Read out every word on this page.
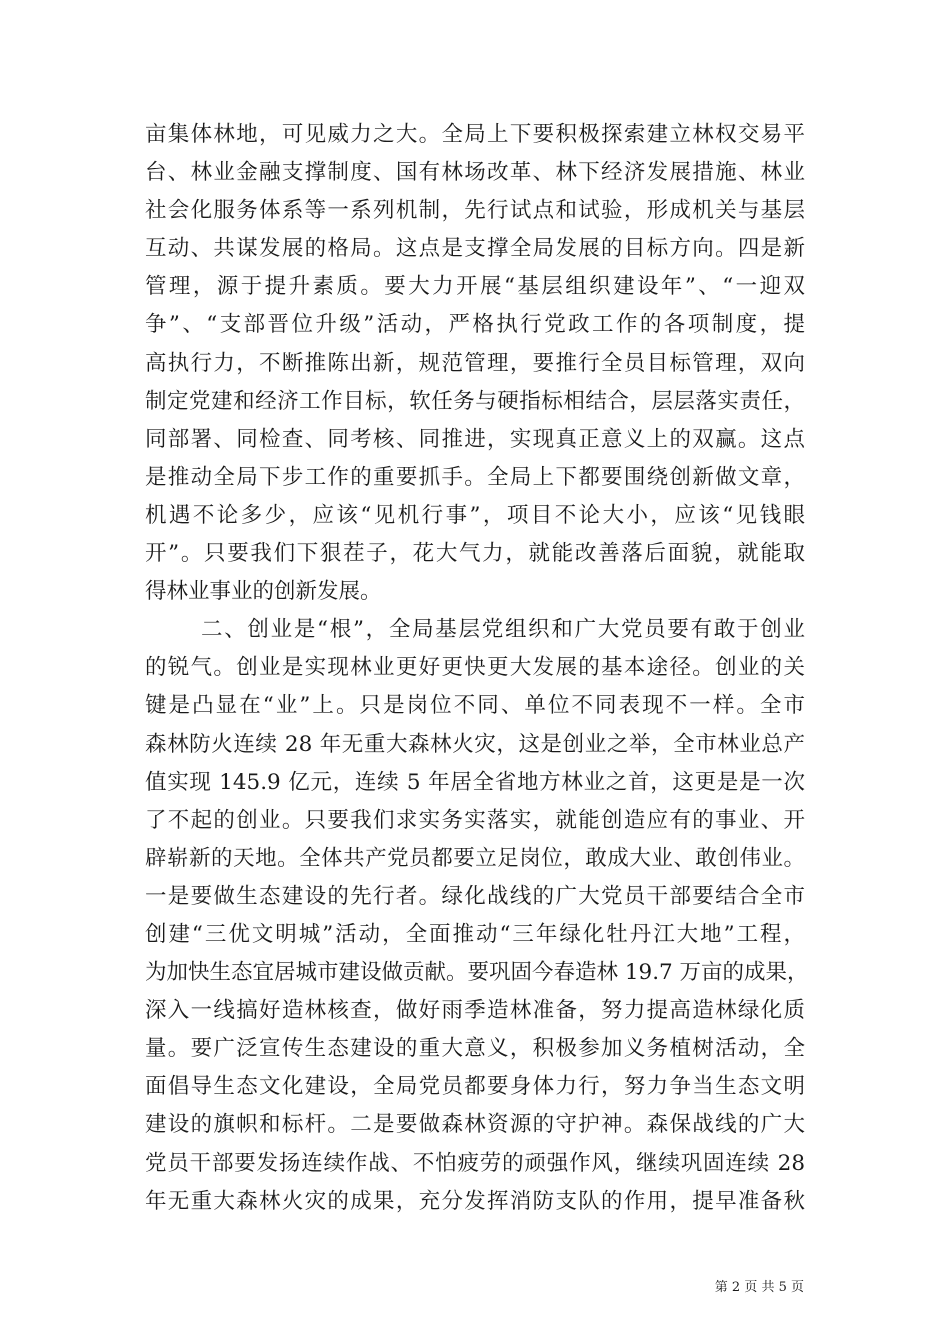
亩集体林地，可见威力之大。全局上下要积极探索建立林权交易平
台、林业金融支撑制度、国有林场改革、林下经济发展措施、林业
社会化服务体系等一系列机制，先行试点和试验，形成机关与基层
互动、共谋发展的格局。这点是支撑全局发展的目标方向。四是新
管理，源于提升素质。要大力开展“基层组织建设年”、“一迎双
争”、“支部晋位升级”活动，严格执行党政工作的各项制度，提
高执行力，不断推陈出新，规范管理，要推行全员目标管理，双向
制定党建和经济工作目标，软任务与硬指标相结合，层层落实责任，
同部署、同检查、同考核、同推进，实现真正意义上的双赢。这点
是推动全局下步工作的重要抓手。全局上下都要围绕创新做文章，
机遇不论多少，应该“见机行事”，项目不论大小，应该“见钱眼
开”。只要我们下狠茬子，花大气力，就能改善落后面貌，就能取
得林业事业的创新发展。
二、创业是“根”，全局基层党组织和广大党员要有敢于创业
的锐气。创业是实现林业更好更快更大发展的基本途径。创业的关
键是凸显在“业”上。只是岗位不同、单位不同表现不一样。全市
森林防火连续 28 年无重大森林火灾，这是创业之举，全市林业总产
值实现 145.9 亿元，连续 5 年居全省地方林业之首，这更是是一次
了不起的创业。只要我们求实务实落实，就能创造应有的事业、开
辟崭新的天地。全体共产党员都要立足岗位，敢成大业、敢创伟业。
一是要做生态建设的先行者。绿化战线的广大党员干部要结合全市
创建“三优文明城”活动，全面推动“三年绿化牡丹江大地”工程，
为加快生态宜居城市建设做贡献。要巩固今春造林 19.7 万亩的成果，
深入一线搞好造林核查，做好雨季造林准备，努力提高造林绿化质
量。要广泛宣传生态建设的重大意义，积极参加义务植树活动，全
面倡导生态文化建设，全局党员都要身体力行，努力争当生态文明
建设的旗帜和标杆。二是要做森林资源的守护神。森保战线的广大
党员干部要发扬连续作战、不怕疲劳的顽强作风，继续巩固连续 28
年无重大森林火灾的成果，充分发挥消防支队的作用，提早准备秋
第 2 页 共 5 页
